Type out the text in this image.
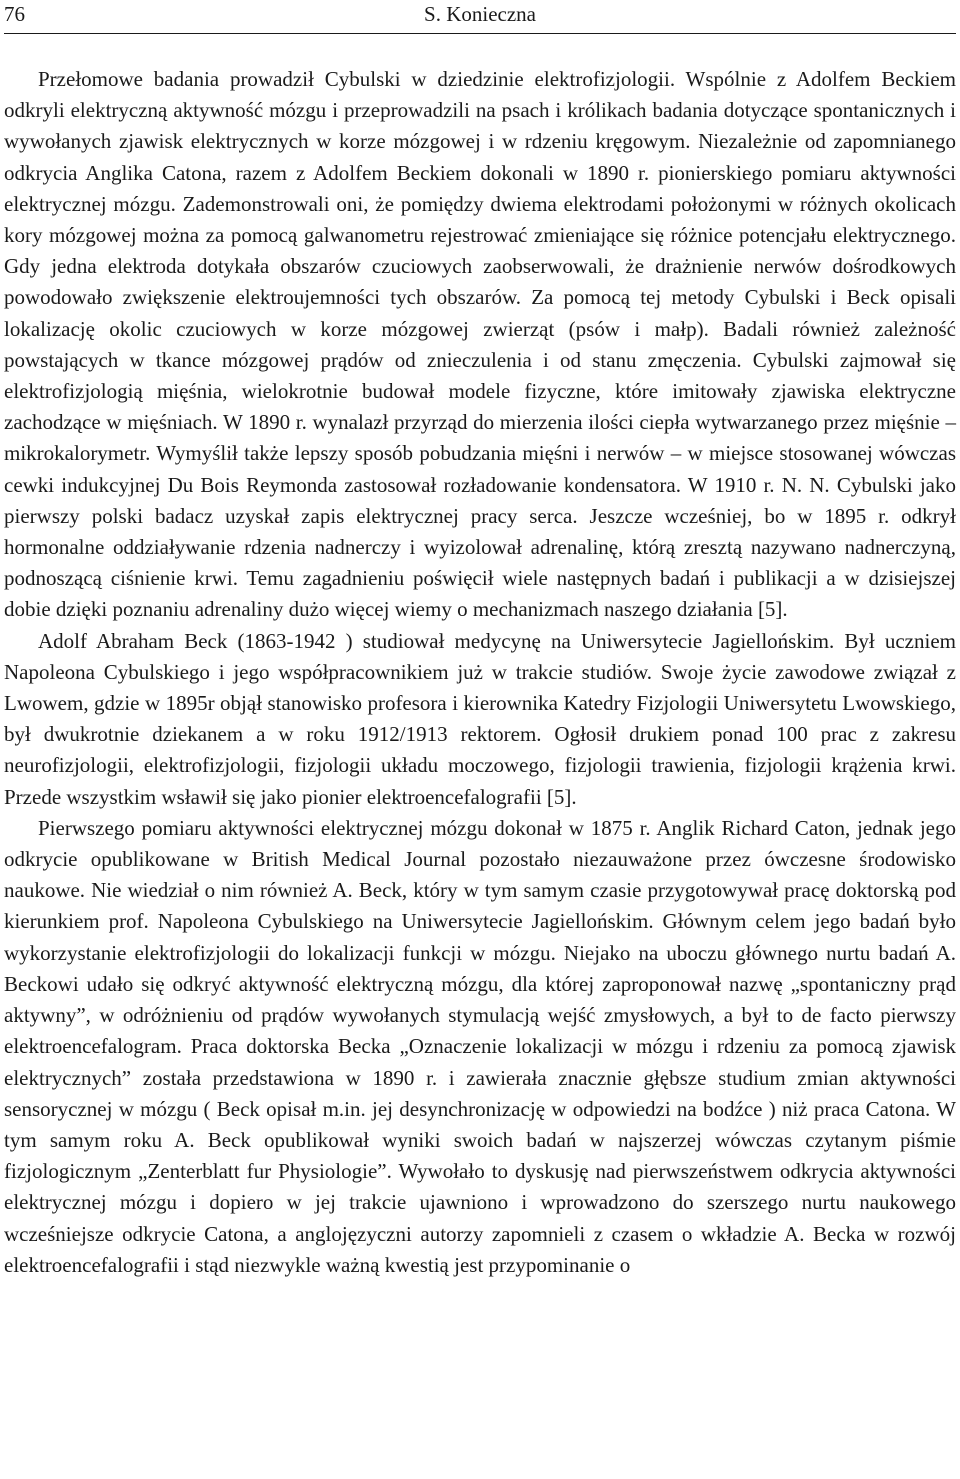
76	S. Konieczna

Przełomowe badania prowadził Cybulski w dziedzinie elektrofizjologii. Wspólnie z Adolfem Beckiem odkryli elektryczną aktywność mózgu i przeprowadzili na psach i królikach badania dotyczące spontanicznych i wywołanych zjawisk elektrycznych w korze mózgowej i w rdzeniu kręgowym. Niezależnie od zapomnianego odkrycia Anglika Catona, razem z Adolfem Beckiem dokonali w 1890 r. pionierskiego pomiaru aktywności elektrycznej mózgu. Zademonstrowali oni, że pomiędzy dwiema elektrodami położonymi w różnych okolicach kory mózgowej można za pomocą galwanometru rejestrować zmieniające się różnice potencjału elektrycznego. Gdy jedna elektroda dotykała obszarów czuciowych zaobserwowali, że drażnienie nerwów dośrodkowych powodowało zwiększenie elektroujemności tych obszarów. Za pomocą tej metody Cybulski i Beck opisali lokalizację okolic czuciowych w korze mózgowej zwierząt (psów i małp). Badali również zależność powstających w tkance mózgowej prądów od znieczulenia i od stanu zmęczenia. Cybulski zajmował się elektrofizjologią mięśnia, wielokrotnie budował modele fizyczne, które imitowały zjawiska elektryczne zachodzące w mięśniach. W 1890 r. wynalazł przyrząd do mierzenia ilości ciepła wytwarzanego przez mięśnie – mikrokalorymetr. Wymyślił także lepszy sposób pobudzania mięśni i nerwów – w miejsce stosowanej wówczas cewki indukcyjnej Du Bois Reymonda zastosował rozładowanie kondensatora. W 1910 r. N. N. Cybulski jako pierwszy polski badacz uzyskał zapis elektrycznej pracy serca. Jeszcze wcześniej, bo w 1895 r. odkrył hormonalne oddziaływanie rdzenia nadnerczy i wyizolował adrenalinę, którą zresztą nazywano nadnerczyną, podnoszącą ciśnienie krwi. Temu zagadnieniu poświęcił wiele następnych badań i publikacji a w dzisiejszej dobie dzięki poznaniu adrenaliny dużo więcej wiemy o mechanizmach naszego działania [5].

Adolf Abraham Beck (1863-1942 ) studiował medycynę na Uniwersytecie Jagiellońskim. Był uczniem Napoleona Cybulskiego i jego współpracownikiem już w trakcie studiów. Swoje życie zawodowe związał z Lwowem, gdzie w 1895r objął stanowisko profesora i kierownika Katedry Fizjologii Uniwersytetu Lwowskiego, był dwukrotnie dziekanem a w roku 1912/1913 rektorem. Ogłosił drukiem ponad 100 prac z zakresu neurofizjologii, elektrofizjologii, fizjologii układu moczowego, fizjologii trawienia, fizjologii krążenia krwi. Przede wszystkim wsławił się jako pionier elektroencefalografii [5].

Pierwszego pomiaru aktywności elektrycznej mózgu dokonał w 1875 r. Anglik Richard Caton, jednak jego odkrycie opublikowane w British Medical Journal pozostało niezauważone przez ówczesne środowisko naukowe. Nie wiedział o nim również A. Beck, który w tym samym czasie przygotowywał pracę doktorską pod kierunkiem prof. Napoleona Cybulskiego na Uniwersytecie Jagiellońskim. Głównym celem jego badań było wykorzystanie elektrofizjologii do lokalizacji funkcji w mózgu. Niejako na uboczu głównego nurtu badań A. Beckowi udało się odkryć aktywność elektryczną mózgu, dla której zaproponował nazwę „spontaniczny prąd aktywny”, w odróżnieniu od prądów wywołanych stymulacją wejść zmysłowych, a był to de facto pierwszy elektroencefalogram. Praca doktorska Becka „Oznaczenie lokalizacji w mózgu i rdzeniu za pomocą zjawisk elektrycznych” została przedstawiona w 1890 r. i zawierała znacznie głębsze studium zmian aktywności sensorycznej w mózgu ( Beck opisał m.in. jej desynchronizację w odpowiedzi na bodźce ) niż praca Catona. W tym samym roku A. Beck opublikował wyniki swoich badań w najszerzej wówczas czytanym piśmie fizjologicznym „Zenterblatt fur Physiologie”. Wywołało to dyskusję nad pierwszeństwem odkrycia aktywności elektrycznej mózgu i dopiero w jej trakcie ujawniono i wprowadzono do szerszego nurtu naukowego wcześniejsze odkrycie Catona, a anglojęzyczni autorzy zapomnieli z czasem o wkładzie A. Becka w rozwój elektroencefalografii i stąd niezwykle ważną kwestią jest przypominanie o
